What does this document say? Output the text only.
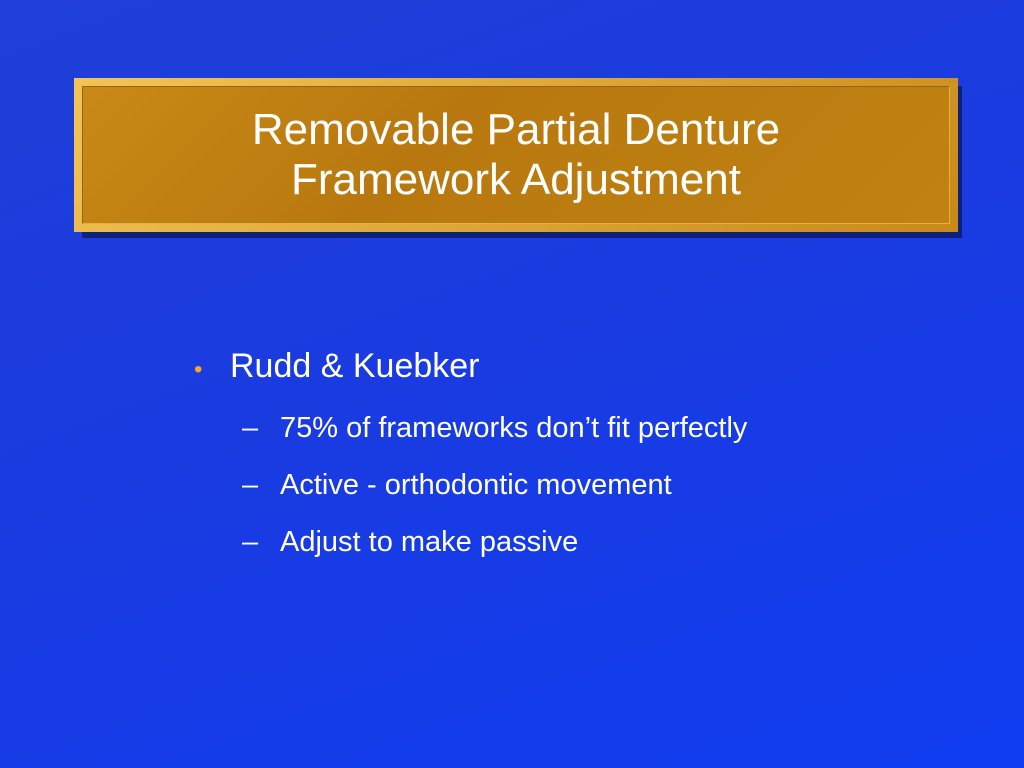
Removable Partial Denture
Framework Adjustment
• Rudd & Kuebker
– 75% of frameworks don’t fit perfectly
– Active - orthodontic movement
– Adjust to make passive
